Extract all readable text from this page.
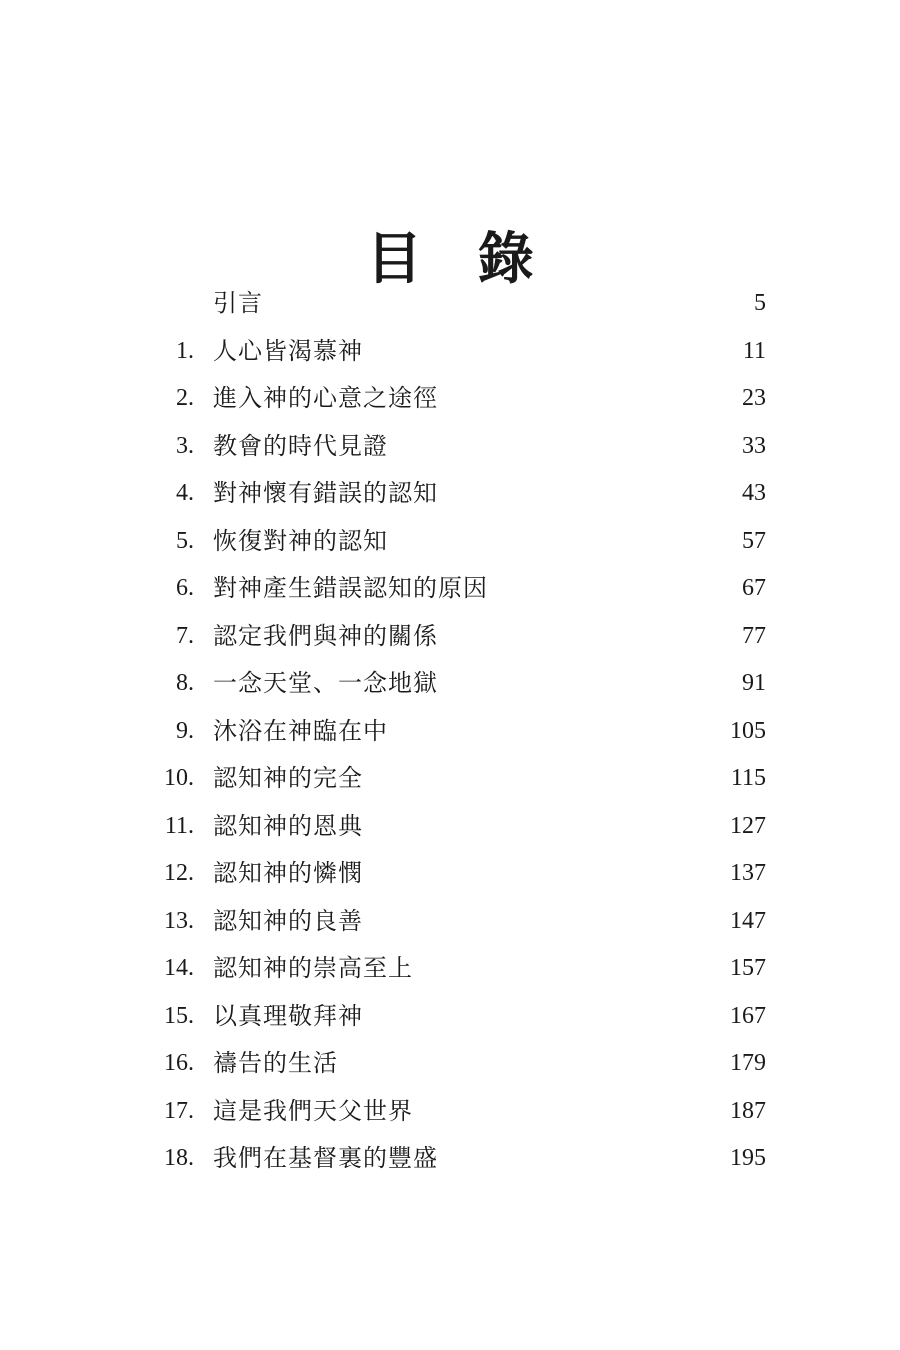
目 錄
引言	5
1. 人心皆渴慕神	11
2. 進入神的心意之途徑	23
3. 教會的時代見證	33
4. 對神懷有錯誤的認知	43
5. 恢復對神的認知	57
6. 對神產生錯誤認知的原因	67
7. 認定我們與神的關係	77
8. 一念天堂、一念地獄	91
9. 沐浴在神臨在中	105
10. 認知神的完全	115
11. 認知神的恩典	127
12. 認知神的憐憫	137
13. 認知神的良善	147
14. 認知神的崇高至上	157
15. 以真理敬拜神	167
16. 禱告的生活	179
17. 這是我們天父世界	187
18. 我們在基督裏的豐盛	195
